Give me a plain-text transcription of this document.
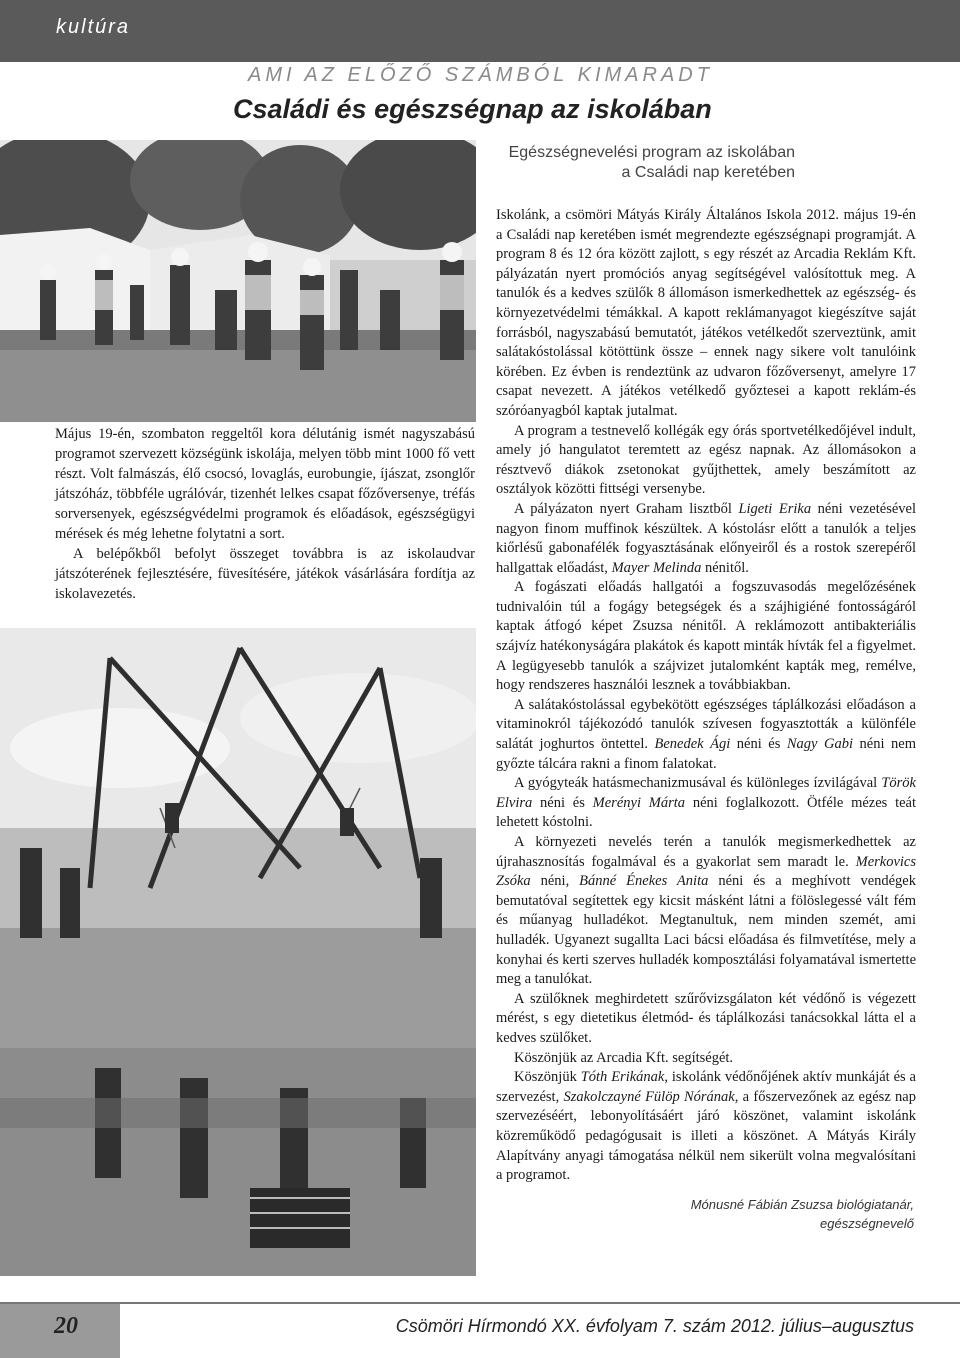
kultúra
AMI AZ ELŐZŐ SZÁMBÓL KIMARADT
Családi és egészségnap az iskolában
Egészségnevelési program az iskolában
a Családi nap keretében

Május 19-én, szombaton reggeltől kora délutánig ismét nagyszabású programot szervezett községünk iskolája, melyen több mint 1000 fő vett részt. Volt falmászás, élő csocsó, lovaglás, eurobungie, íjászat, zsonglőr játszóház, többféle ugrálóvár, tizenhét lelkes csapat főzőversenye, tréfás sorversenyek, egészségvédelmi programok és előadások, egészségügyi mérések és még lehetne folytatni a sort.

A belépőkből befolyt összeget továbbra is az iskolaudvar játszóterének fejlesztésére, füvesítésére, játékok vásárlására fordítja az iskolavezetés.

Iskolánk, a csömöri Mátyás Király Általános Iskola 2012. május 19-én a Családi nap keretében ismét megrendezte egészségnapi programját. A program 8 és 12 óra között zajlott, s egy részét az Arcadia Reklám Kft. pályázatán nyert promóciós anyag segítségével valósítottuk meg. A tanulók és a kedves szülők 8 állomáson ismerkedhettek az egészség- és környezetvédelmi témákkal. A kapott reklámanyagot kiegészítve saját forrásból, nagyszabású bemutatót, játékos vetélkedőt szerveztünk, amit salátakóstolással kötöttünk össze – ennek nagy sikere volt tanulóink körében. Ez évben is rendeztünk az udvaron főzőversenyt, amelyre 17 csapat nevezett. A játékos vetélkedő győztesei a kapott reklám-és szóróanyagból kaptak jutalmat.

A program a testnevelő kollégák egy órás sportvetélkedőjével indult, amely jó hangulatot teremtett az egész napnak. Az állomásokon a résztvevő diákok zsetonokat gyűjthettek, amely beszámított az osztályok közötti fittségi versenybe.

A pályázaton nyert Graham lisztből Ligeti Erika néni vezetésével nagyon finom muffinok készültek. A kóstolásr előtt a tanulók a teljes kiőrlésű gabonafélék fogyasztásának előnyeiről és a rostok szerepéről hallgattak előadást, Mayer Melinda nénitől.

A fogászati előadás hallgatói a fogszuvasodás megelőzésének tudnivalóin túl a fogágy betegségek és a szájhigiéné fontosságáról kaptak átfogó képet Zsuzsa nénitől. A reklámozott antibakteriális szájvíz hatékonyságára plakátok és kapott minták hívták fel a figyelmet. A legügyesebb tanulók a szájvizet jutalomként kapták meg, remélve, hogy rendszeres használói lesznek a továbbiakban.

A salátakóstolással egybekötött egészséges táplálkozási előadáson a vitaminokról tájékozódó tanulók szívesen fogyasztották a különféle salátát joghurtos öntettel. Benedek Ági néni és Nagy Gabi néni nem győzte tálcára rakni a finom falatokat.

A gyógyteák hatásmechanizmusával és különleges ízvilágával Török Elvira néni és Merényi Márta néni foglalkozott. Ötféle mézes teát lehetett kóstolni.

A környezeti nevelés terén a tanulók megismerkedhettek az újrahasznosítás fogalmával és a gyakorlat sem maradt le. Merkovics Zsóka néni, Bánné Énekes Anita néni és a meghívott vendégek bemutatóval segítettek egy kicsit másként látni a fölöslegessé vált fém és műanyag hulladékot. Megtanultuk, nem minden szemét, ami hulladék. Ugyanezt sugallta Laci bácsi előadása és filmvetítése, mely a konyhai és kerti szerves hulladék komposztálási folyamatával ismertette meg a tanulókat.

A szülőknek meghirdetett szűrővizsgálaton két védőnő is végezett mérést, s egy dietetikus életmód- és táplálkozási tanácsokkal látta el a kedves szülőket.

Köszönjük az Arcadia Kft. segítségét.

Köszönjük Tóth Erikának, iskolánk védőnőjének aktív munkáját és a szervezést, Szakolczayné Fülöp Nórának, a főszervezőnek az egész nap szervezéséért, lebonyolításáért járó köszönet, valamint iskolánk közreműködő pedagógusait is illeti a köszönet. A Mátyás Király Alapítvány anyagi támogatása nélkül nem sikerült volna megvalósítani a programot.

Mónusné Fábián Zsuzsa biológiatanár,
egészségnevelő
20	Csömöri Hírmondó XX. évfolyam 7. szám 2012. július–augusztus
